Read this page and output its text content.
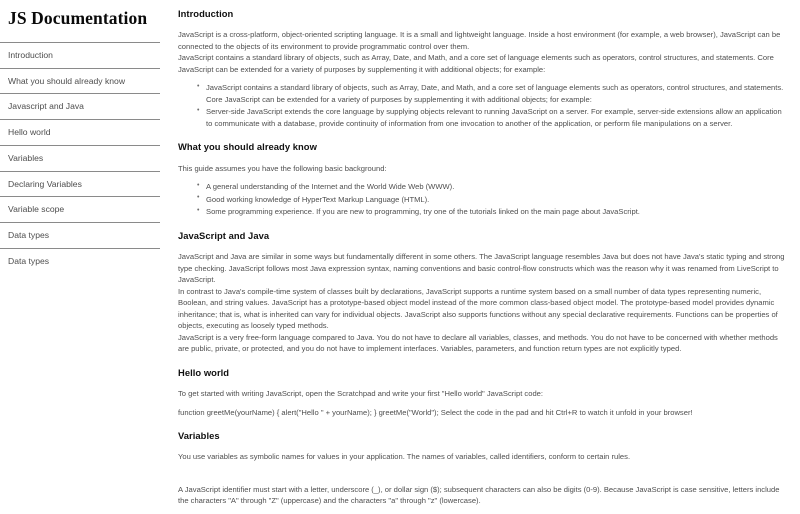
JS Documentation
Introduction
What you should already know
Javascript and Java
Hello world
Variables
Declaring Variables
Variable scope
Data types
Data types
Introduction

JavaScript is a cross-platform, object-oriented scripting language. It is a small and lightweight language. Inside a host environment (for example, a web browser), JavaScript can be connected to the objects of its environment to provide programmatic control over them.

JavaScript contains a standard library of objects, such as Array, Date, and Math, and a core set of language elements such as operators, control structures, and statements. Core JavaScript can be extended for a variety of purposes by supplementing it with additional objects; for example:

• JavaScript contains a standard library of objects, such as Array, Date, and Math, and a core set of language elements such as operators, control structures, and statements. Core JavaScript can be extended for a variety of purposes by supplementing it with additional objects; for example:
• Server-side JavaScript extends the core language by supplying objects relevant to running JavaScript on a server. For example, server-side extensions allow an application to communicate with a database, provide continuity of information from one invocation to another of the application, or perform file manipulations on a server.
What you should already know

This guide assumes you have the following basic background:

• A general understanding of the Internet and the World Wide Web (WWW).
• Good working knowledge of HyperText Markup Language (HTML).
• Some programming experience. If you are new to programming, try one of the tutorials linked on the main page about JavaScript.
JavaScript and Java

JavaScript and Java are similar in some ways but fundamentally different in some others. The JavaScript language resembles Java but does not have Java's static typing and strong type checking. JavaScript follows most Java expression syntax, naming conventions and basic control-flow constructs which was the reason why it was renamed from LiveScript to JavaScript.

In contrast to Java's compile-time system of classes built by declarations, JavaScript supports a runtime system based on a small number of data types representing numeric, Boolean, and string values. JavaScript has a prototype-based object model instead of the more common class-based object model. The prototype-based model provides dynamic inheritance; that is, what is inherited can vary for individual objects. JavaScript also supports functions without any special declarative requirements. Functions can be properties of objects, executing as loosely typed methods.

JavaScript is a very free-form language compared to Java. You do not have to declare all variables, classes, and methods. You do not have to be concerned with whether methods are public, private, or protected, and you do not have to implement interfaces. Variables, parameters, and function return types are not explicitly typed.

Hello world

To get started with writing JavaScript, open the Scratchpad and write your first "Hello world" JavaScript code:

function greetMe(yourName) { alert("Hello " + yourName); } greetMe("World"); Select the code in the pad and hit Ctrl+R to watch it unfold in your browser!
Variables

You use variables as symbolic names for values in your application. The names of variables, called identifiers, conform to certain rules.

A JavaScript identifier must start with a letter, underscore (_), or dollar sign ($); subsequent characters can also be digits (0-9). Because JavaScript is case sensitive, letters include the characters "A" through "Z" (uppercase) and the characters "a" through "z" (lowercase).
